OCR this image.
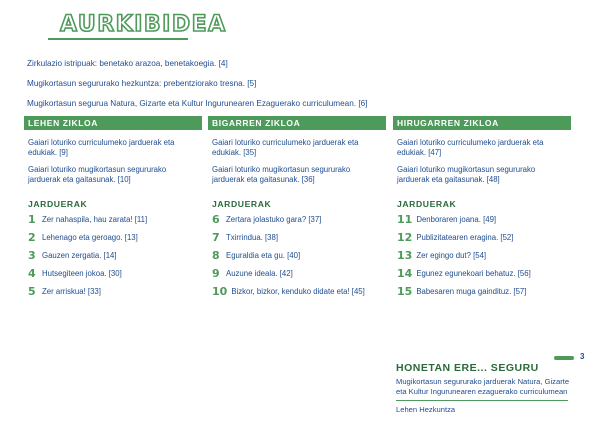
AURKIBIDEA

Zirkulazio istripuak: benetako arazoa, benetakoegia. [4]

Mugikortasun segururako hezkuntza: prebentziorako tresna. [5]

Mugikortasun segurua Natura, Gizarte eta Kultur Ingurunearen Ezaguerako curriculumean. [6]

LEHEN ZIKLOA

Gaiari loturiko curriculumeko jarduerak eta edukiak. [9]

Gaiari loturiko mugikortasun segururako jarduerak eta gaitasunak. [10]

JARDUERAK
1 Zer nahaspila, hau zarata! [11]
2 Lehenago eta geroago. [13]
3 Gauzen zergatia. [14]
4 Hutsegiteen jokoa. [30]
5 Zer arriskua! [33]
BIGARREN ZIKLOA

Gaiari loturiko curriculumeko jarduerak eta edukiak. [35]

Gaiari loturiko mugikortasun segururako jarduerak eta gaitasunak. [36]

JARDUERAK
6 Zertara jolastuko gara? [37]
7 Txirrindua. [38]
8 Eguraldia eta gu. [40]
9 Auzune ideala. [42]
10 Bizkor, bizkor, kenduko didate eta! [45]
HIRUGARREN ZIKLOA

Gaiari loturiko curriculumeko jarduerak eta edukiak. [47]

Gaiari loturiko mugikortasun segururako jarduerak eta gaitasunak. [48]

JARDUERAK
11 Denboraren joana. [49]
12 Publizitatearen eragina. [52]
13 Zer egingo dut? [54]
14 Egunez egunekoari behatuz. [56]
15 Babesaren muga gaindituz. [57]
3
HONETAN ERE... SEGURU
Mugikortasun segururako jarduerak Natura, Gizarte eta Kultur Ingurunearen ezaguerako curriculumean
Lehen Hezkuntza
